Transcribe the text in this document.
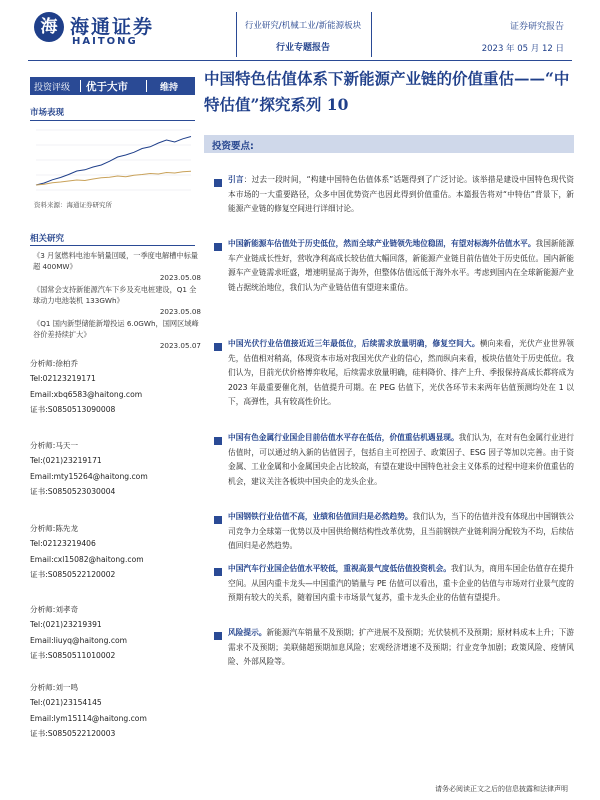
海 海通证券
HAITONG
行业研究/机械工业/新能源板块
行业专题报告
证券研究报告
2023 年 05 月 12 日
投资评级 优于大市	维持 中国特色估值体系下新能源产业链的价值重估——“中特估值”探究系列 10
市场表现
资料来源：海通证券研究所
相关研究
《3 月氢燃料电池车销量回暖，一季度电解槽中标量超 400MW》
2023.05.08
《国常会支持新能源汽车下乡及充电桩建设，Q1 全球动力电池装机 133GWh》
2023.05.08
《Q1 国内新型储能新增投运 6.0GWh，国网区域峰谷价差持续扩大》
2023.05.07
分析师:徐柏乔
Tel:02123219171
Email:xbq6583@haitong.com
证书:S0850513090008
分析师:马天一
Tel:(021)23219171
Email:mty15264@haitong.com
证书:S0850523030004
分析师:陈先龙
Tel:02123219406
Email:cxl15082@haitong.com
证书:S0850522120002
分析师:刘孝奇
Tel:(021)23219391
Email:liuyq@haitong.com
证书:S0850511010002
分析师:刘一鸣
Tel:(021)23154145
Email:lym15114@haitong.com
证书:S0850522120003
投资要点:
引言：过去一段时间，“构建中国特色估值体系”话题得到了广泛讨论。该举措是建设中国特色现代资本市场的一大重要路径，众多中国优势资产也因此得到价值重估。本篇报告将对“中特估”背景下，新能源产业链的修复空间进行详细讨论。
中国新能源车估值处于历史低位，然而全球产业链领先地位稳固，有望对标海外估值水平。我国新能源车产业链成长性好，营收净利高成长较估值大幅回落，新能源产业链目前估值处于历史低位。国内新能源车产业链需求旺盛，增速明显高于海外，但整体估值远低于海外水平。考虑到国内在全球新能源产业链占据统治地位，我们认为产业链估值有望迎来重估。
中国光伏行业估值接近近三年最低位，后续需求放量明确，修复空间大。横向来看，光伏产业世界领先，估值相对稍高，体现资本市场对我国光伏产业的信心，然而纵向来看，板块估值处于历史低位。我们认为，目前光伏价格博弈收尾，后续需求放量明确，硅料降价、排产上升、季报保持高成长都将成为 2023 年最重要催化剂，估值提升可期。在 PEG 估值下，光伏各环节未来两年估值预测均处在 1 以下，高弹性，具有较高性价比。
中国有色金属行业国企目前估值水平存在低估，价值重估机遇显现。我们认为，在对有色金属行业进行估值时，可以通过纳入新的估值因子，包括自主可控因子、政策因子、ESG 因子等加以完善。由于资金属、工业金属和小金属国央企占比较高，有望在建设中国特色社会主义体系的过程中迎来价值重估的机会，建议关注各板块中国央企的龙头企业。
中国钢铁行业估值不高，业绩和估值回归是必然趋势。我们认为，当下的估值并没有体现出中国钢铁公司竞争力全球第一优势以及中国供给侧结构性改革优势，且当前钢铁产业链利润分配较为不均，后续估值回归是必然趋势。
中国汽车行业国企估值水平较低，重视高景气度低估值投资机会。我们认为，商用车国企估值存在提升空间。从国内重卡龙头—中国重汽的销量与 PE 估值可以看出，重卡企业的估值与市场对行业景气度的预期有较大的关系，随着国内重卡市场景气复苏，重卡龙头企业的估值有望提升。
风险提示。新能源汽车销量不及预期；扩产进展不及预期；光伏装机不及预期；原材料成本上升；下游需求不及预期；美联储超预期加息风险；宏观经济增速不及预期；行业竞争加剧；政策风险、疫情风险、外部风险等。
请务必阅读正文之后的信息披露和法律声明
